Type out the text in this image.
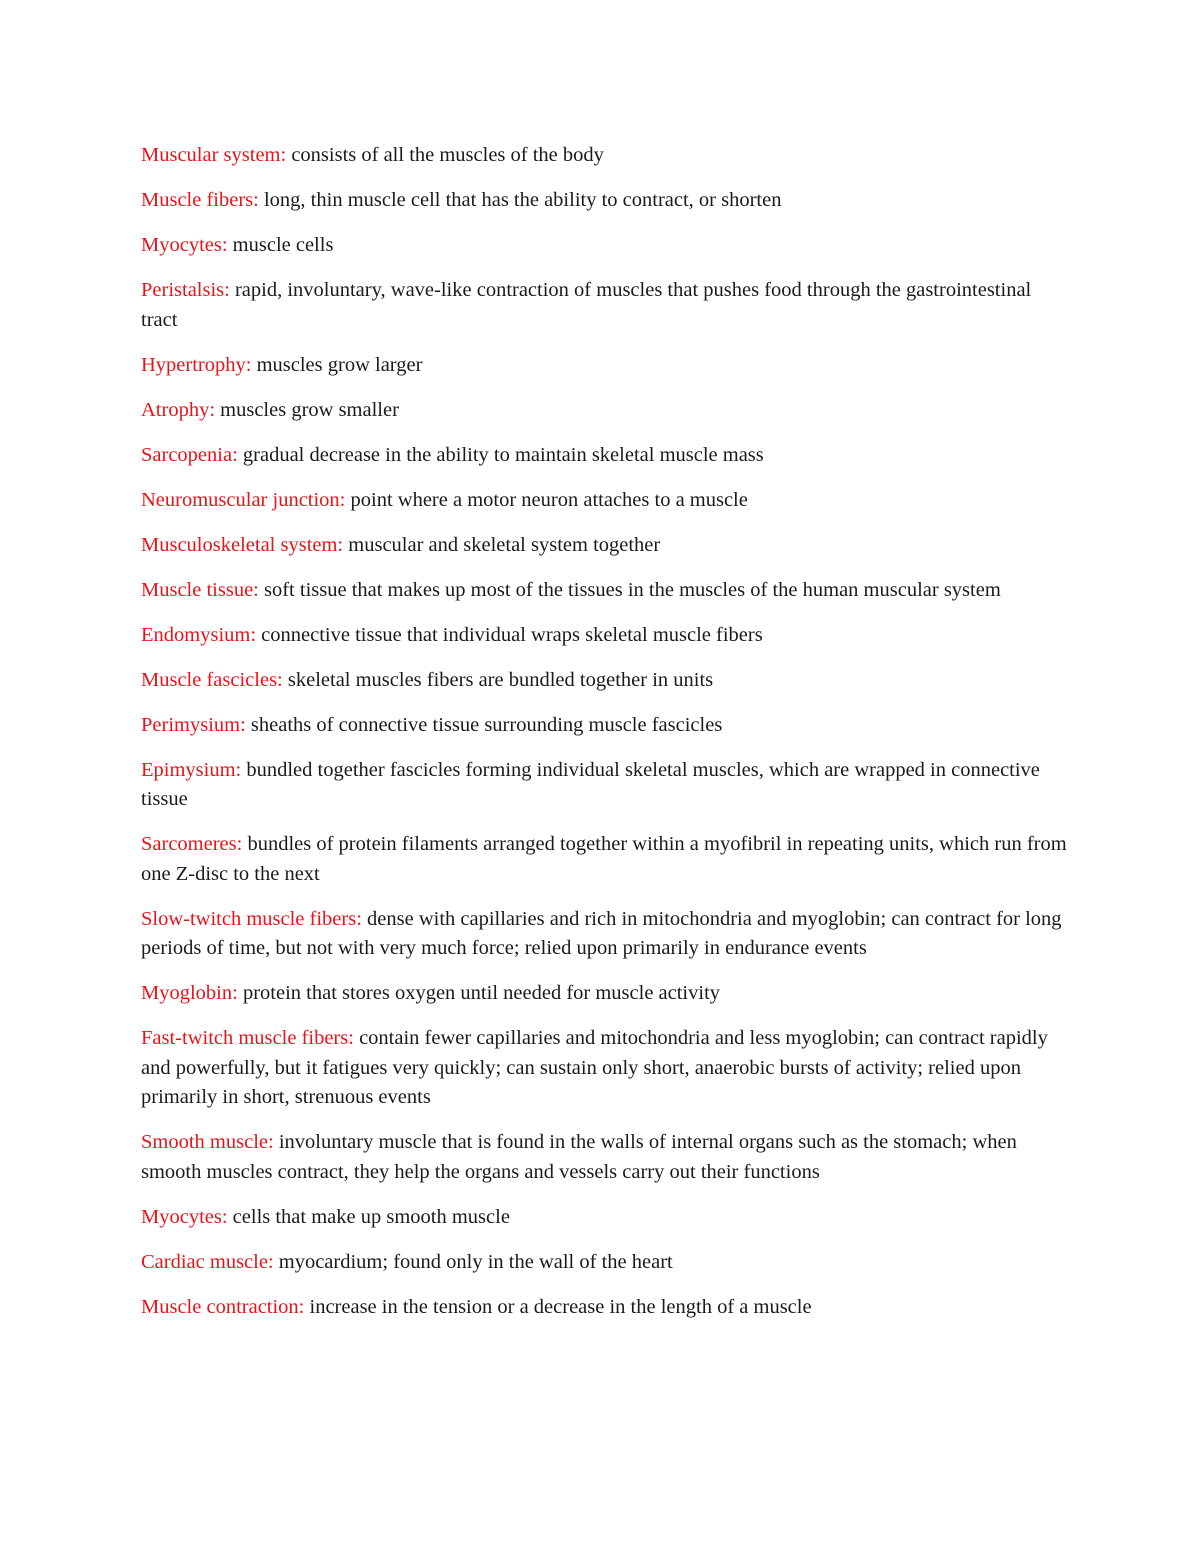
Muscular system: consists of all the muscles of the body

Muscle fibers: long, thin muscle cell that has the ability to contract, or shorten

Myocytes: muscle cells

Peristalsis: rapid, involuntary, wave-like contraction of muscles that pushes food through the gastrointestinal tract

Hypertrophy: muscles grow larger

Atrophy: muscles grow smaller

Sarcopenia: gradual decrease in the ability to maintain skeletal muscle mass

Neuromuscular junction: point where a motor neuron attaches to a muscle

Musculoskeletal system: muscular and skeletal system together

Muscle tissue: soft tissue that makes up most of the tissues in the muscles of the human muscular system

Endomysium: connective tissue that individual wraps skeletal muscle fibers

Muscle fascicles: skeletal muscles fibers are bundled together in units

Perimysium: sheaths of connective tissue surrounding muscle fascicles

Epimysium: bundled together fascicles forming individual skeletal muscles, which are wrapped in connective tissue

Sarcomeres: bundles of protein filaments arranged together within a myofibril in repeating units, which run from one Z-disc to the next

Slow-twitch muscle fibers: dense with capillaries and rich in mitochondria and myoglobin; can contract for long periods of time, but not with very much force; relied upon primarily in endurance events

Myoglobin: protein that stores oxygen until needed for muscle activity

Fast-twitch muscle fibers: contain fewer capillaries and mitochondria and less myoglobin; can contract rapidly and powerfully, but it fatigues very quickly; can sustain only short, anaerobic bursts of activity; relied upon primarily in short, strenuous events

Smooth muscle: involuntary muscle that is found in the walls of internal organs such as the stomach; when smooth muscles contract, they help the organs and vessels carry out their functions

Myocytes: cells that make up smooth muscle

Cardiac muscle: myocardium; found only in the wall of the heart

Muscle contraction: increase in the tension or a decrease in the length of a muscle
